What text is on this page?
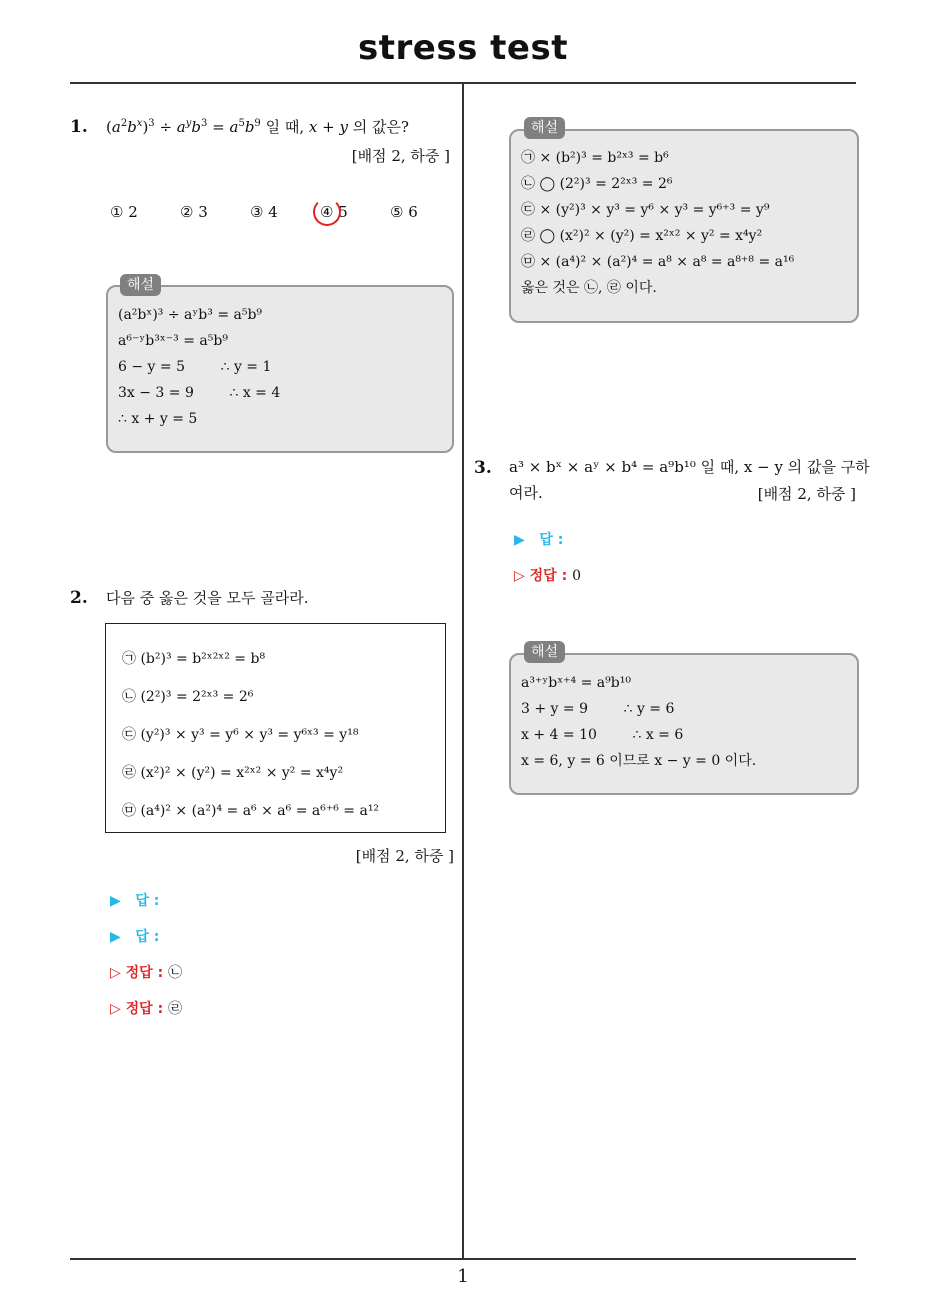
stress test
1
1. $(a^2b^x)^3 \div a^yb^3 = a^5b^9$ 일 때, x + y 의 값은?
[배점 2, 하중 ]
① 2	② 3	③ 4	④ 5	⑤ 6
해설
(a²bˣ)³ ÷ aʸb³ = a⁵b⁹
a⁶⁻ʸb³ˣ⁻³ = a⁵b⁹
6 − y = 5        ∴ y = 1
3x − 3 = 9        ∴ x = 4
∴ x + y = 5
2. 다음 중 옳은 것을 모두 골라라.
㉠ (b²)³ = b²ˣ²ˣ² = b⁸
㉡ (2²)³ = 2²ˣ³ = 2⁶
㉢ (y²)³ × y³ = y⁶ × y³ = y⁶ˣ³ = y¹⁸
㉣ (x²)² × (y²) = x²ˣ² × y² = x⁴y²
㉤ (a⁴)² × (a²)⁴ = a⁶ × a⁶ = a⁶⁺⁶ = a¹²
[배점 2, 하중 ]
▶ 답 :
▶ 답 :
▷ 정답 : ㉡
▷ 정답 : ㉣
해설
㉠ × (b²)³ = b²ˣ³ = b⁶
㉡ ◯ (2²)³ = 2²ˣ³ = 2⁶
㉢ × (y²)³ × y³ = y⁶ × y³ = y⁶⁺³ = y⁹
㉣ ◯ (x²)² × (y²) = x²ˣ² × y² = x⁴y²
㉤ × (a⁴)² × (a²)⁴ = a⁸ × a⁸ = a⁸⁺⁸ = a¹⁶
옳은 것은 ㉡, ㉣ 이다.
3. a³ × bˣ × aʸ × b⁴ = a⁹b¹⁰ 일 때, x − y 의 값을 구하
여라.	[배점 2, 하중 ]
▶ 답 :
▷ 정답 : 0
해설
a³⁺ʸbˣ⁺⁴ = a⁹b¹⁰
3 + y = 9        ∴ y = 6
x + 4 = 10        ∴ x = 6
x = 6, y = 6 이므로 x − y = 0 이다.
